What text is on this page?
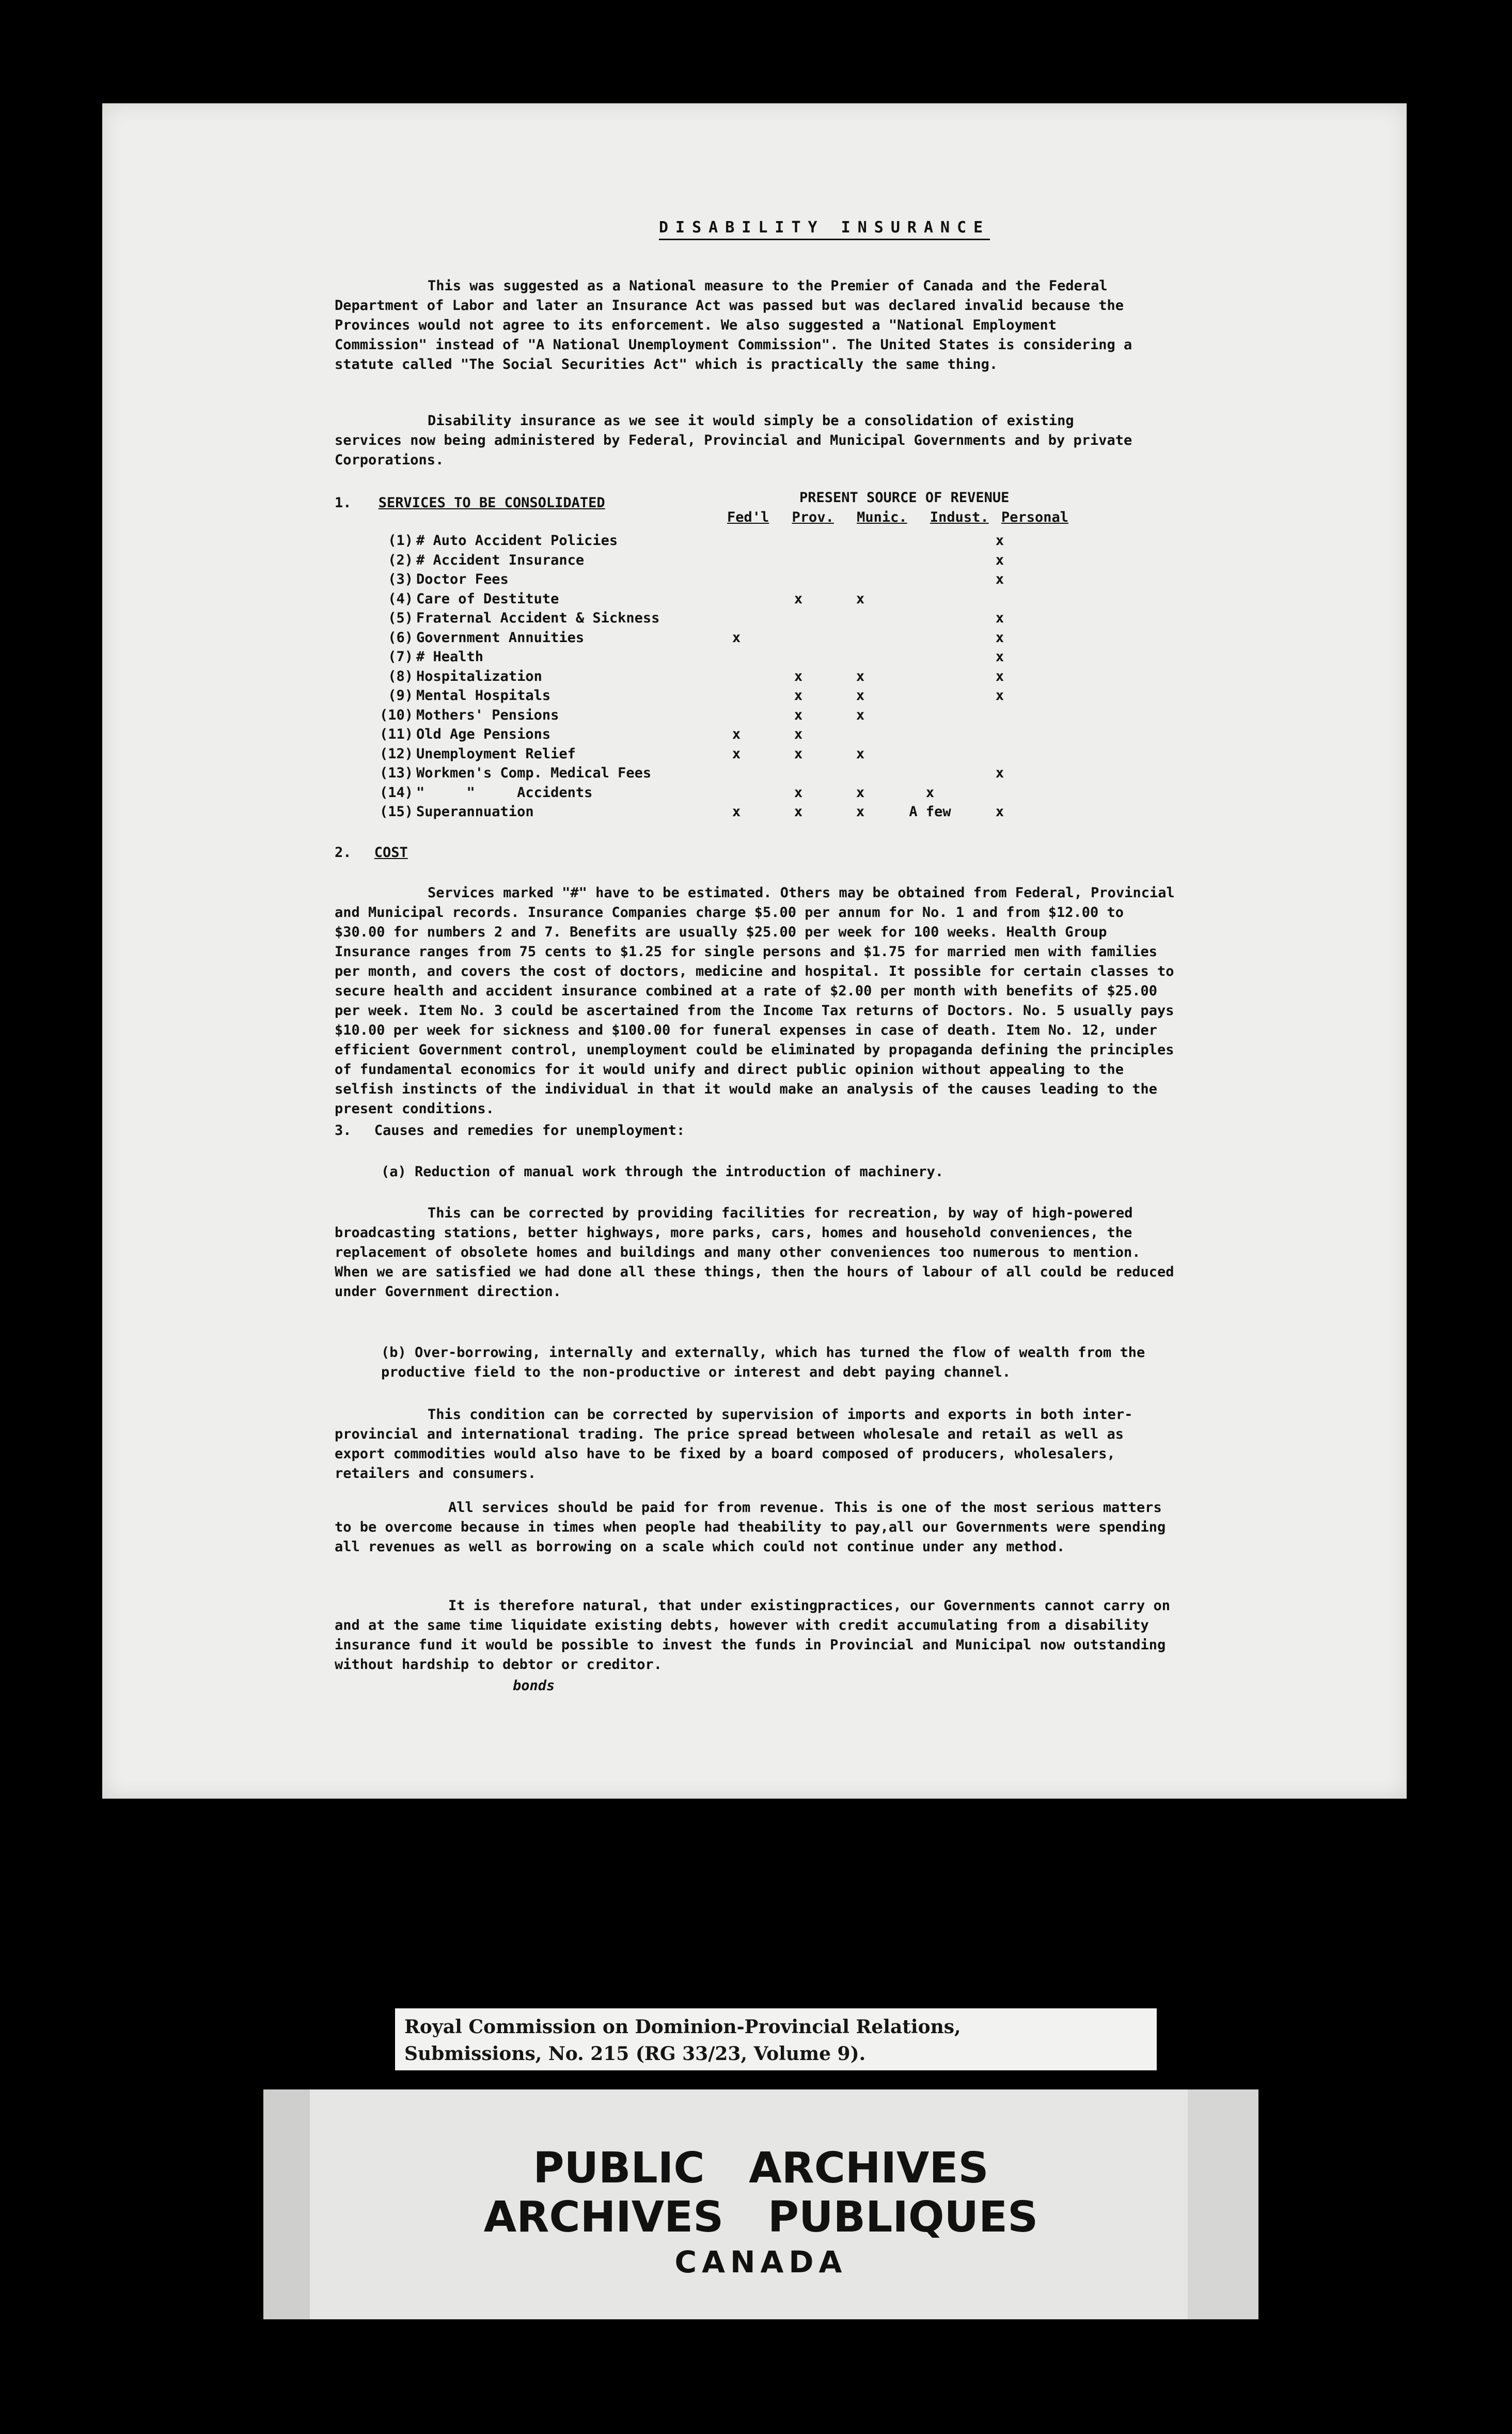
DISABILITY INSURANCE
This was suggested as a National measure to the Premier of Canada and the Federal Department of Labor and later an Insurance Act was passed but was declared invalid because the Provinces would not agree to its enforcement. We also suggested a "National Employment Commission" instead of "A National Unemployment Commission". The United States is considering a statute called "The Social Securities Act" which is practically the same thing.
Disability insurance as we see it would simply be a consolidation of existing services now being administered by Federal, Provincial and Municipal Governments and by private Corporations.
1. SERVICES TO BE CONSOLIDATED	PRESENT SOURCE OF REVENUE
Fed'l Prov. Munic. Indust. Personal
(1)	# Auto Accident Policies					x
(2)	# Accident Insurance					x
(3)	Doctor Fees					x
(4)	Care of Destitute		x	x		
(5)	Fraternal Accident & Sickness					x
(6)	Government Annuities	x				x
(7)	# Health					x
(8)	Hospitalization		x	x		x
(9)	Mental Hospitals		x	x		x
(10)	Mothers' Pensions		x	x		
(11)	Old Age Pensions	x	x			
(12)	Unemployment Relief	x	x	x		
(13)	Workmen's Comp. Medical Fees					x
(14)	"     "     Accidents		x	x	x	
(15)	Superannuation	x	x	x	A few	x
2. COST
Services marked "#" have to be estimated. Others may be obtained from Federal, Provincial and Municipal records. Insurance Companies charge $5.00 per annum for No. 1 and from $12.00 to $30.00 for numbers 2 and 7. Benefits are usually $25.00 per week for 100 weeks. Health Group Insurance ranges from 75 cents to $1.25 for single persons and $1.75 for married men with families per month, and covers the cost of doctors, medicine and hospital. It possible for certain classes to secure health and accident insurance combined at a rate of $2.00 per month with benefits of $25.00 per week. Item No. 3 could be ascertained from the Income Tax returns of Doctors. No. 5 usually pays $10.00 per week for sickness and $100.00 for funeral expenses in case of death. Item No. 12, under efficient Government control, unemployment could be eliminated by propaganda defining the principles of fundamental economics for it would unify and direct public opinion without appealing to the selfish instincts of the individual in that it would make an analysis of the causes leading to the present conditions.
3. Causes and remedies for unemployment:
(a) Reduction of manual work through the introduction of machinery.
This can be corrected by providing facilities for recreation, by way of high-powered broadcasting stations, better highways, more parks, cars, homes and household conveniences, the replacement of obsolete homes and buildings and many other conveniences too numerous to mention. When we are satisfied we had done all these things, then the hours of labour of all could be reduced under Government direction.
(b) Over-borrowing, internally and externally, which has turned the flow of wealth from the productive field to the non-productive or interest and debt paying channel.
This condition can be corrected by supervision of imports and exports in both inter-provincial and international trading. The price spread between wholesale and retail as well as export commodities would also have to be fixed by a board composed of producers, wholesalers, retailers and consumers.
All services should be paid for from revenue. This is one of the most serious matters to be overcome because in times when people had theability to pay,all our Governments were spending all revenues as well as borrowing on a scale which could not continue under any method.
It is therefore natural, that under existingpractices, our Governments cannot carry on and at the same time liquidate existing debts, however with credit accumulating from a disability insurance fund it would be possible to invest the funds in Provincial and Municipal now outstanding without hardship to debtor or creditor.
bonds
Royal Commission on Dominion-Provincial Relations,
Submissions, No. 215 (RG 33/23, Volume 9).
PUBLIC   ARCHIVES
ARCHIVES   PUBLIQUES
CANADA
